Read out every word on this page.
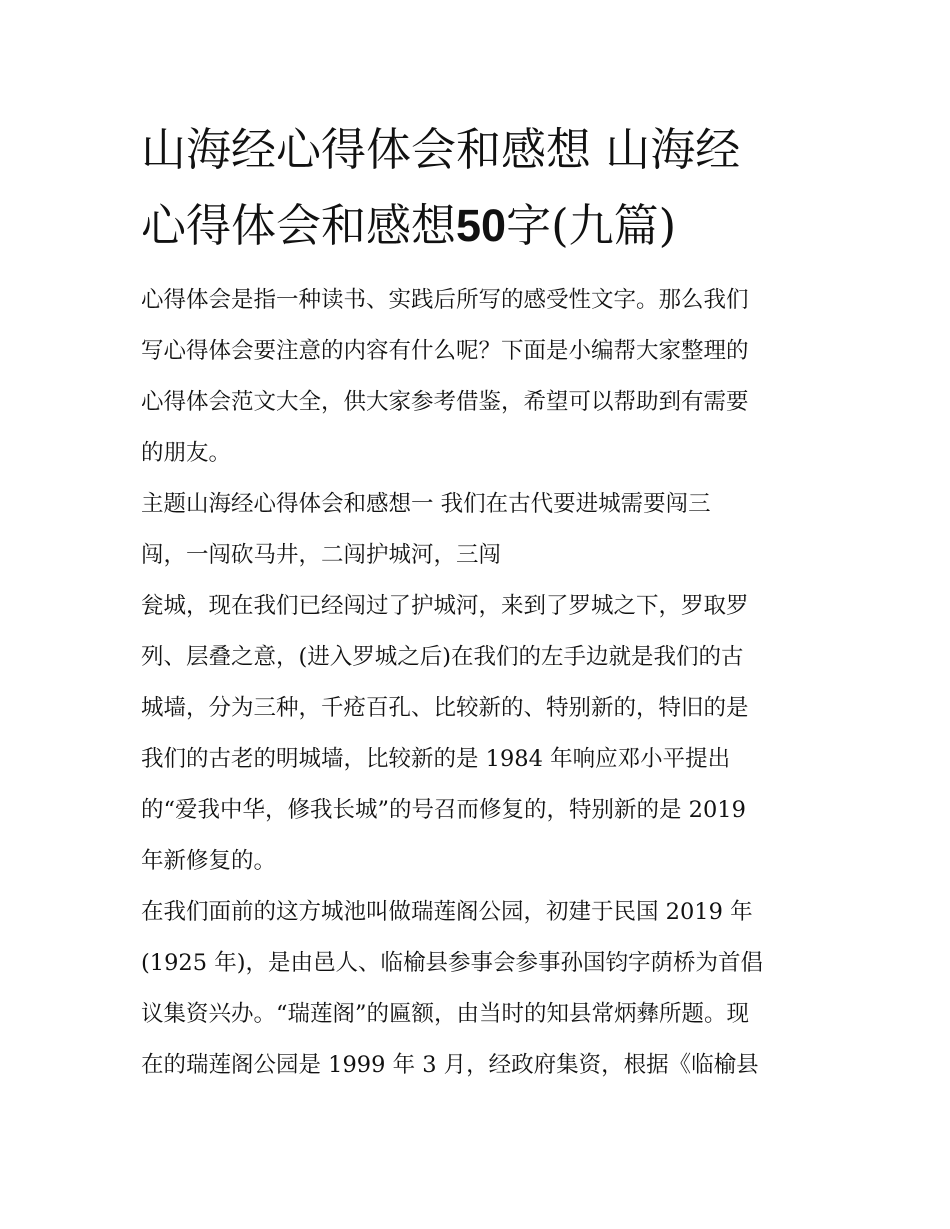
山海经心得体会和感想 山海经
心得体会和感想50字(九篇)

心得体会是指一种读书、实践后所写的感受性文字。那么我们

写心得体会要注意的内容有什么呢？下面是小编帮大家整理的

心得体会范文大全，供大家参考借鉴，希望可以帮助到有需要

的朋友。

主题山海经心得体会和感想一 我们在古代要进城需要闯三

闯，一闯砍马井，二闯护城河，三闯

瓮城，现在我们已经闯过了护城河，来到了罗城之下，罗取罗

列、层叠之意，(进入罗城之后)在我们的左手边就是我们的古

城墙，分为三种，千疮百孔、比较新的、特别新的，特旧的是

我们的古老的明城墙，比较新的是 1984 年响应邓小平提出

的“爱我中华，修我长城”的号召而修复的，特别新的是 2019

年新修复的。

在我们面前的这方城池叫做瑞莲阁公园，初建于民国 2019 年

(1925 年)，是由邑人、临榆县参事会参事孙国钧字荫桥为首倡

议集资兴办。“瑞莲阁”的匾额，由当时的知县常炳彝所题。现

在的瑞莲阁公园是 1999 年 3 月，经政府集资，根据《临榆县
